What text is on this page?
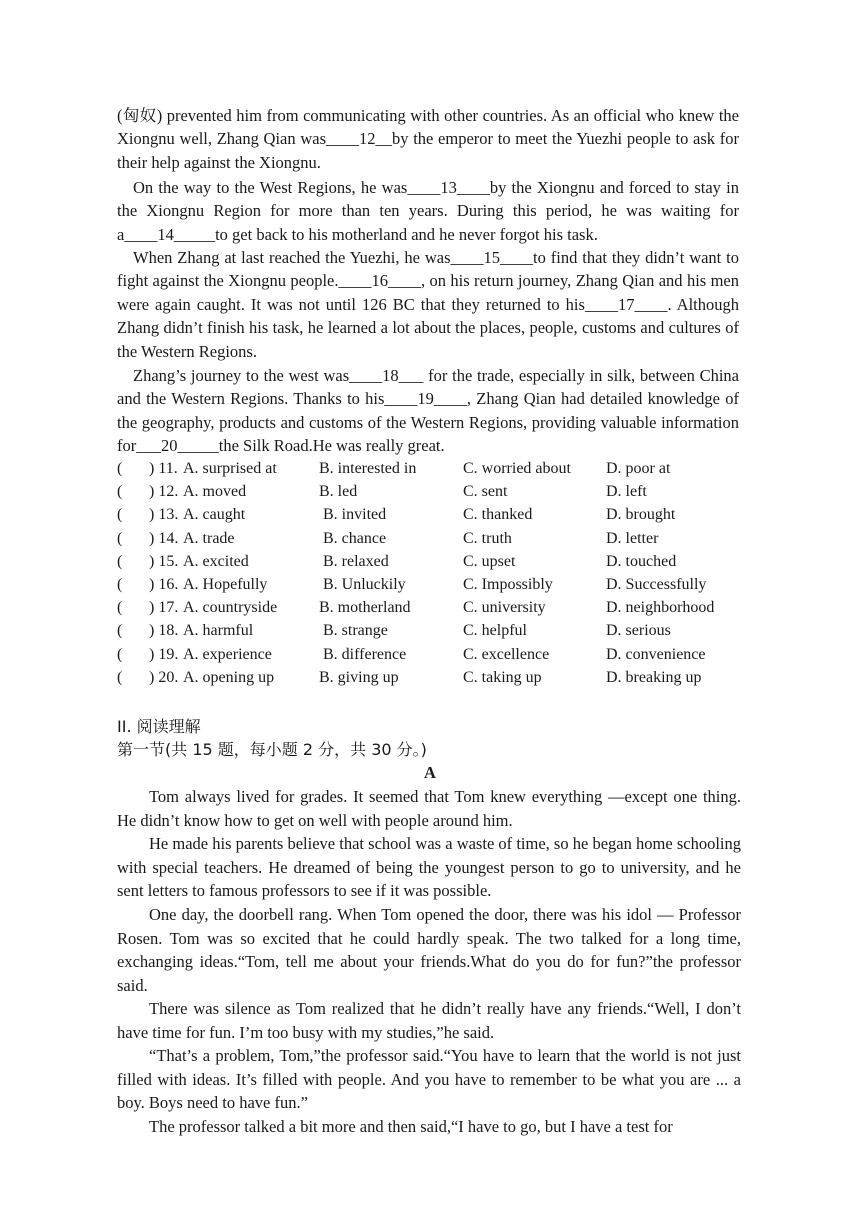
(匈奴) prevented him from communicating with other countries. As an official who knew the Xiongnu well, Zhang Qian was____12__by the emperor to meet the Yuezhi people to ask for their help against the Xiongnu.

On the way to the West Regions, he was____13____by the Xiongnu and forced to stay in the Xiongnu Region for more than ten years. During this period, he was waiting for a____14_____to get back to his motherland and he never forgot his task.

When Zhang at last reached the Yuezhi, he was____15____to find that they didn’t want to fight against the Xiongnu people.____16____, on his return journey, Zhang Qian and his men were again caught. It was not until 126 BC that they returned to his____17____. Although Zhang didn’t finish his task, he learned a lot about the places, people, customs and cultures of the Western Regions.

Zhang’s journey to the west was____18___ for the trade, especially in silk, between China and the Western Regions. Thanks to his____19____, Zhang Qian had detailed knowledge of the geography, products and customs of the Western Regions, providing valuable information for___20_____the Silk Road.He was really great.

( ) 11. A. surprised at	B. interested in	C. worried about D. poor at
( ) 12. A. moved	B. led	C. sent	D. left
( ) 13. A. caught	B. invited	C. thanked	D. brought
( ) 14. A. trade	B. chance	C. truth	D. letter
( ) 15. A. excited	B. relaxed	C. upset	D. touched
( ) 16. A. Hopefully	B. Unluckily	C. Impossibly	D. Successfully
( ) 17. A. countryside	B. motherland	C. university	D. neighborhood
( ) 18. A. harmful	B. strange	C. helpful	D. serious
( ) 19. A. experience	B. difference	C. excellence	D. convenience
( ) 20. A. opening up	B. giving up	C. taking up	D. breaking up

II. 阅读理解

第一节(共 15 题，每小题 2 分，共 30 分。)

A

Tom always lived for grades. It seemed that Tom knew everything —except one thing. He didn’t know how to get on well with people around him.

He made his parents believe that school was a waste of time, so he began home schooling with special teachers. He dreamed of being the youngest person to go to university, and he sent letters to famous professors to see if it was possible.

One day, the doorbell rang. When Tom opened the door, there was his idol — Professor Rosen. Tom was so excited that he could hardly speak. The two talked for a long time, exchanging ideas.“Tom, tell me about your friends.What do you do for fun?”the professor said.

There was silence as Tom realized that he didn’t really have any friends.“Well, I don’t have time for fun. I’m too busy with my studies,”he said.

“That’s a problem, Tom,”the professor said.“You have to learn that the world is not just filled with ideas. It’s filled with people. And you have to remember to be what you are ... a boy. Boys need to have fun.”

The professor talked a bit more and then said,“I have to go, but I have a test for
